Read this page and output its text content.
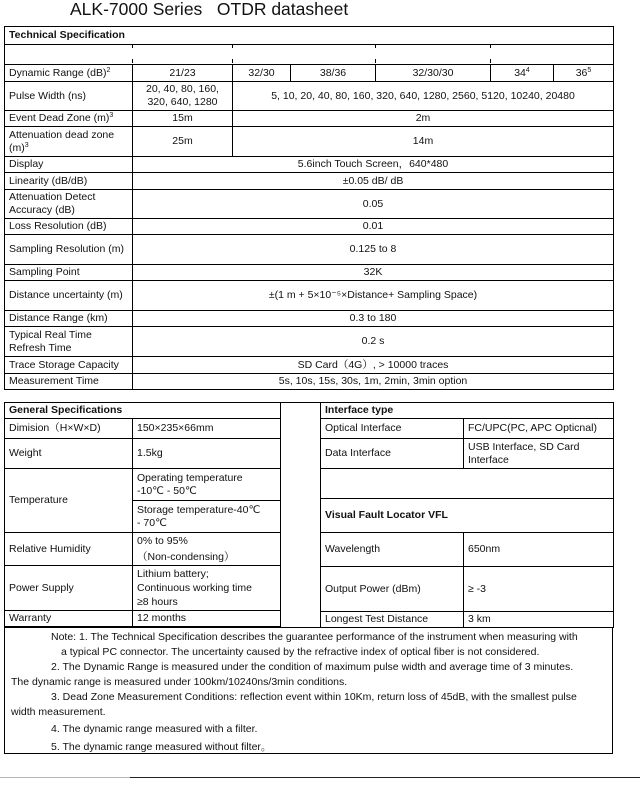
ALK-7000 Series   OTDR datasheet
Technical Specification						

Dynamic Range (dB)$^2$	21/23	32/30	38/36	32/30/30	$34^4$	$36^5$
Pulse Width (ns)	20, 40, 80, 160,
320, 640, 1280	5, 10, 20, 40, 80, 160, 320, 640, 1280, 2560, 5120, 10240, 20480				
Event Dead Zone $(m)^3$	15m	2m				
Attenuation dead zone $(m)^3$	25m	14m				
Display	5.6inch Touch Screen，640*480					
Linearity (dB/dB)	±0.05 dB/ dB					
Attenuation Detect Accuracy (dB)	0.05					
Loss Resolution (dB)	0.01					
Sampling Resolution (m)	0.125 to 8					
Sampling Point	32K					
Distance uncertainty (m)	±(1 m + 5×10⁻⁵×Distance+ Sampling Space)					
Distance Range (km)	0.3 to 180					
Typical Real Time Refresh Time	0.2 s					
Trace Storage Capacity	SD Card（4G）, > 10000 traces					
Measurement Time	5s, 10s, 15s, 30s, 1m, 2min, 3min option					
General Specifications	
Dimision（H×W×D)	150×235×66mm
Weight	1.5kg
Temperature	Operating temperature
-10℃ - 50℃

	Storage temperature-40℃
- 70℃

Relative Humidity	0% to 95%
（Non-condensing）

Power Supply	Lithium battery;
Continuous working time
≥8 hours

Warranty	12 months
Interface type	
Optical Interface	FC/UPC(PC, APC Opticnal)
Data Interface	USB Interface, SD Card
Interface

Visual Fault Locator VFL	
Wavelength	650nm
Output Power (dBm)	≥ -3
Longest Test Distance	3 km

Note: 1. The Technical Specification describes the guarantee performance of the instrument when measuring with

a typical PC connector. The uncertainty caused by the refractive index of optical fiber is not considered.

2. The Dynamic Range is measured under the condition of maximum pulse width and average time of 3 minutes.

The dynamic range is measured under 100km/10240ns/3min conditions.

3. Dead Zone Measurement Conditions: reflection event within 10Km, return loss of 45dB, with the smallest pulse

width measurement.

4. The dynamic range measured with a filter.

5. The dynamic range measured without filter。
